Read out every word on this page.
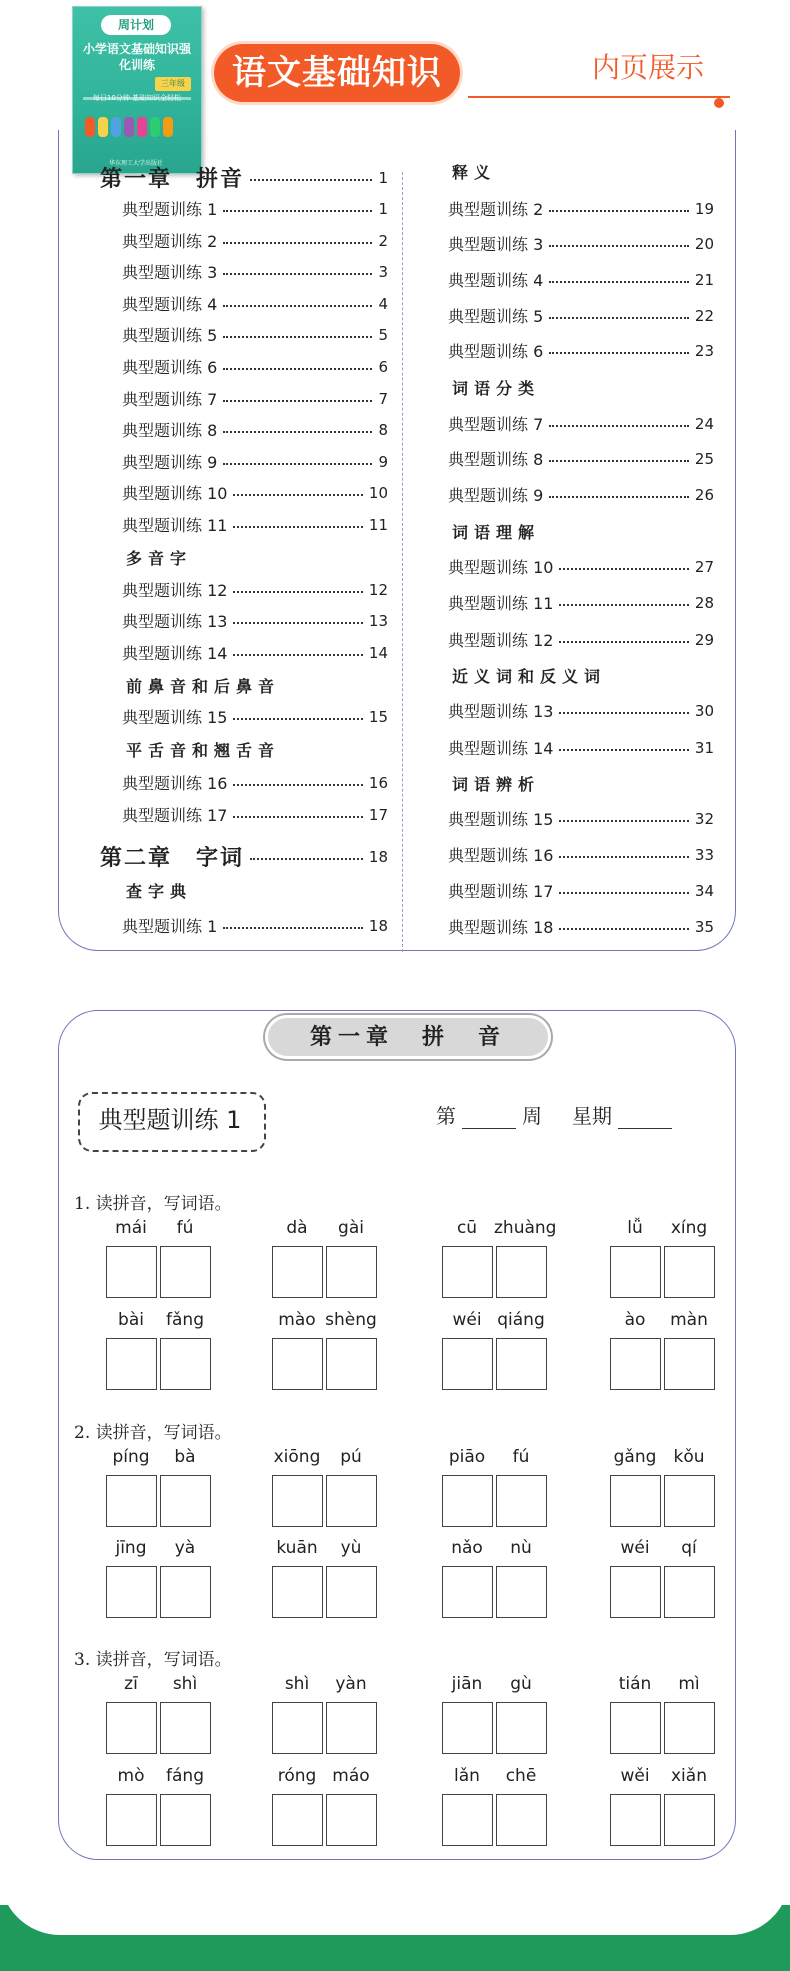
周计划
小学语文基础知识强化训练
三年级
每日10分钟 基础知识全轻松
华东理工大学出版社
语文基础知识	内页展示
第一章　拼音	1
典型题训练 1	1
典型题训练 2	2
典型题训练 3	3
典型题训练 4	4
典型题训练 5	5
典型题训练 6	6
典型题训练 7	7
典型题训练 8	8
典型题训练 9	9
典型题训练 10	10
典型题训练 11	11
多音字
典型题训练 12	12
典型题训练 13	13
典型题训练 14	14
前鼻音和后鼻音
典型题训练 15	15
平舌音和翘舌音
典型题训练 16	16
典型题训练 17	17
第二章　字词	18
查字典
典型题训练 1	18
释义
典型题训练 2	19
典型题训练 3	20
典型题训练 4	21
典型题训练 5	22
典型题训练 6	23
词语分类
典型题训练 7	24
典型题训练 8	25
典型题训练 9	26
词语理解
典型题训练 10	27
典型题训练 11	28
典型题训练 12	29
近义词和反义词
典型题训练 13	30
典型题训练 14	31
词语辨析
典型题训练 15	32
典型题训练 16	33
典型题训练 17	34
典型题训练 18	35
第一章　拼　音
典型题训练 1	第	周 星期
1. 读拼音，写词语。
mái	fú	dà	gài	cū zhuàng	lǚ	xíng
bài	fǎng	mào shèng	wéi qiáng	ào	màn
2. 读拼音，写词语。
píng	bà	xiōng	pú	piāo	fú	gǎng	kǒu
jīng	yà	kuān	yù	nǎo	nù	wéi	qí
3. 读拼音，写词语。
zī	shì	shì	yàn	jiān	gù	tián	mì
mò	fáng	róng máo	lǎn	chē	wěi	xiǎn
